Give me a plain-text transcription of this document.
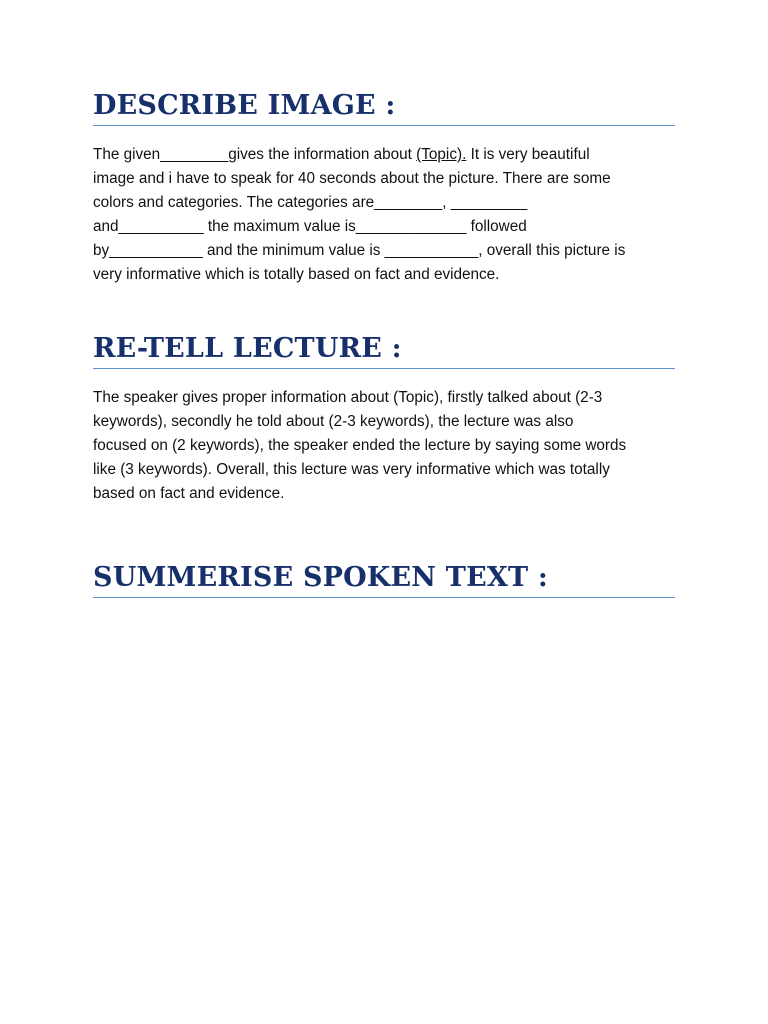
DESCRIBE IMAGE :

The given________gives the information about (Topic). It is very beautiful
image and i have to speak for 40 seconds about the picture. There are some
colors and categories. The categories are________, _________
and__________ the maximum value is_____________ followed
by___________ and the minimum value is ___________, overall this picture is
very informative which is totally based on fact and evidence.

RE-TELL LECTURE :

The speaker gives proper information about (Topic), firstly talked about (2-3
keywords), secondly he told about (2-3 keywords), the lecture was also
focused on (2 keywords), the speaker ended the lecture by saying some words
like (3 keywords). Overall, this lecture was very informative which was totally
based on fact and evidence.

SUMMERISE SPOKEN TEXT :
